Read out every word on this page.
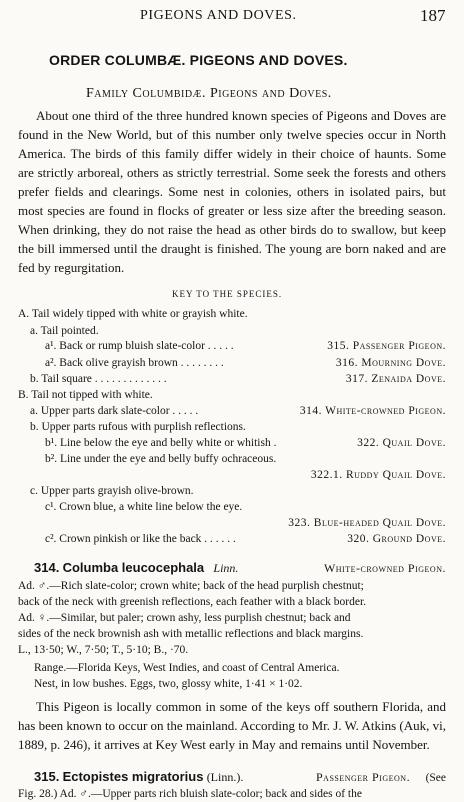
PIGEONS AND DOVES.	187
ORDER COLUMBÆ. PIGEONS AND DOVES.
Family Columbidæ. Pigeons and Doves.
About one third of the three hundred known species of Pigeons and Doves are found in the New World, but of this number only twelve species occur in North America. The birds of this family differ widely in their choice of haunts. Some are strictly arboreal, others as strictly terrestrial. Some seek the forests and others prefer fields and clearings. Some nest in colonies, others in isolated pairs, but most species are found in flocks of greater or less size after the breeding season. When drinking, they do not raise the head as other birds do to swallow, but keep the bill immersed until the draught is finished. The young are born naked and are fed by regurgitation.
KEY TO THE SPECIES.
A. Tail widely tipped with white or grayish white.
a. Tail pointed.
a¹. Back or rump bluish slate-color . . . . .	315. Passenger Pigeon.
a². Back olive grayish brown . . . . . . . .	316. Mourning Dove.
b. Tail square . . . . . . . . . . . . .	317. Zenaida Dove.
B. Tail not tipped with white.
a. Upper parts dark slate-color . . . . .	314. White-crowned Pigeon.
b. Upper parts rufous with purplish reflections.
b¹. Line below the eye and belly white or whitish .	322. Quail Dove.
b². Line under the eye and belly buffy ochraceous.
322.1. Ruddy Quail Dove.
c. Upper parts grayish olive-brown.
c¹. Crown blue, a white line below the eye.
323. Blue-headed Quail Dove.
c². Crown pinkish or like the back . . . . . .	320. Ground Dove.
314. Columba leucocephala Linn.	White-crowned Pigeon.
Ad. ♂.—Rich slate-color; crown white; back of the head purplish chestnut;
back of the neck with greenish reflections, each feather with a black border.
Ad. ♀.—Similar, but paler; crown ashy, less purplish chestnut; back and
sides of the neck brownish ash with metallic reflections and black margins.
L., 13·50; W., 7·50; T., 5·10; B., ·70.
Range.—Florida Keys, West Indies, and coast of Central America.
Nest, in low bushes. Eggs, two, glossy white, 1·41 × 1·02.
This Pigeon is locally common in some of the keys off southern Florida, and has been known to occur on the mainland. According to Mr. J. W. Atkins (Auk, vi, 1889, p. 246), it arrives at Key West early in May and remains until November.
315. Ectopistes migratorius (Linn.).	Passenger Pigeon. (See
Fig. 28.) Ad. ♂.—Upper parts rich bluish slate-color; back and sides of the
